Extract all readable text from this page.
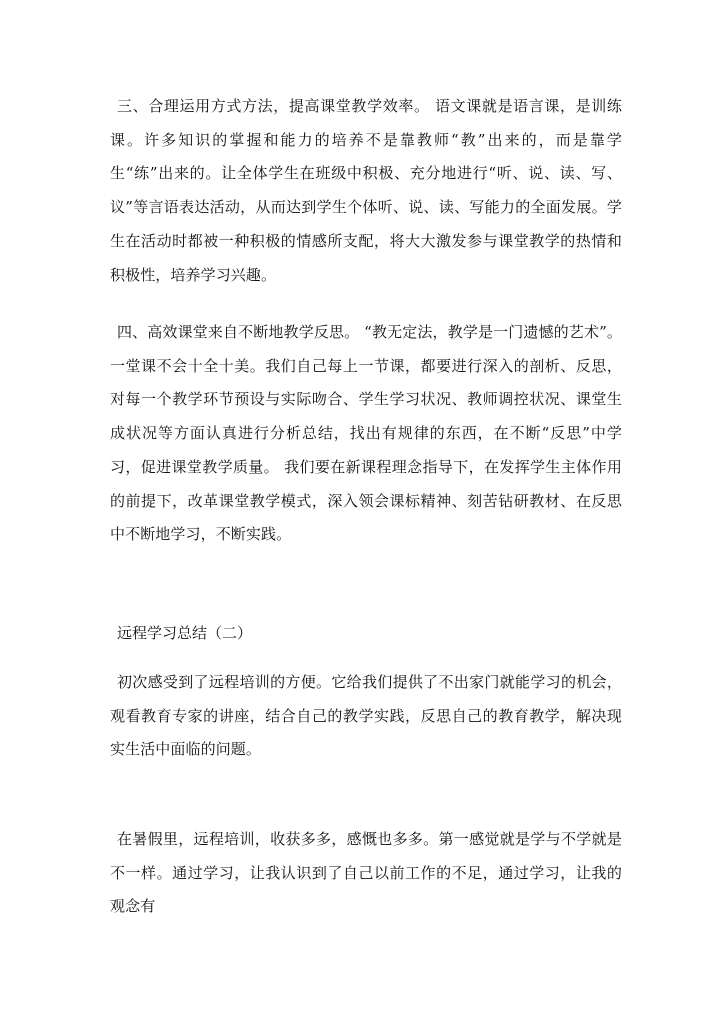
三、合理运用方式方法，提高课堂教学效率。 语文课就是语言课，是训练课。许多知识的掌握和能力的培养不是靠教师“教”出来的，而是靠学生“练”出来的。让全体学生在班级中积极、充分地进行“听、说、读、写、议”等言语表达活动，从而达到学生个体听、说、读、写能力的全面发展。学生在活动时都被一种积极的情感所支配，将大大激发参与课堂教学的热情和积极性，培养学习兴趣。

四、高效课堂来自不断地教学反思。 “教无定法，教学是一门遗憾的艺术”。一堂课不会十全十美。我们自己每上一节课，都要进行深入的剖析、反思，对每一个教学环节预设与实际吻合、学生学习状况、教师调控状况、课堂生成状况等方面认真进行分析总结，找出有规律的东西，在不断“反思”中学习，促进课堂教学质量。 我们要在新课程理念指导下，在发挥学生主体作用的前提下，改革课堂教学模式，深入领会课标精神、刻苦钻研教材、在反思中不断地学习，不断实践。

远程学习总结（二）

初次感受到了远程培训的方便。它给我们提供了不出家门就能学习的机会，观看教育专家的讲座，结合自己的教学实践，反思自己的教育教学，解决现实生活中面临的问题。

在暑假里，远程培训，收获多多，感慨也多多。第一感觉就是学与不学就是不一样。通过学习，让我认识到了自己以前工作的不足，通过学习，让我的观念有
